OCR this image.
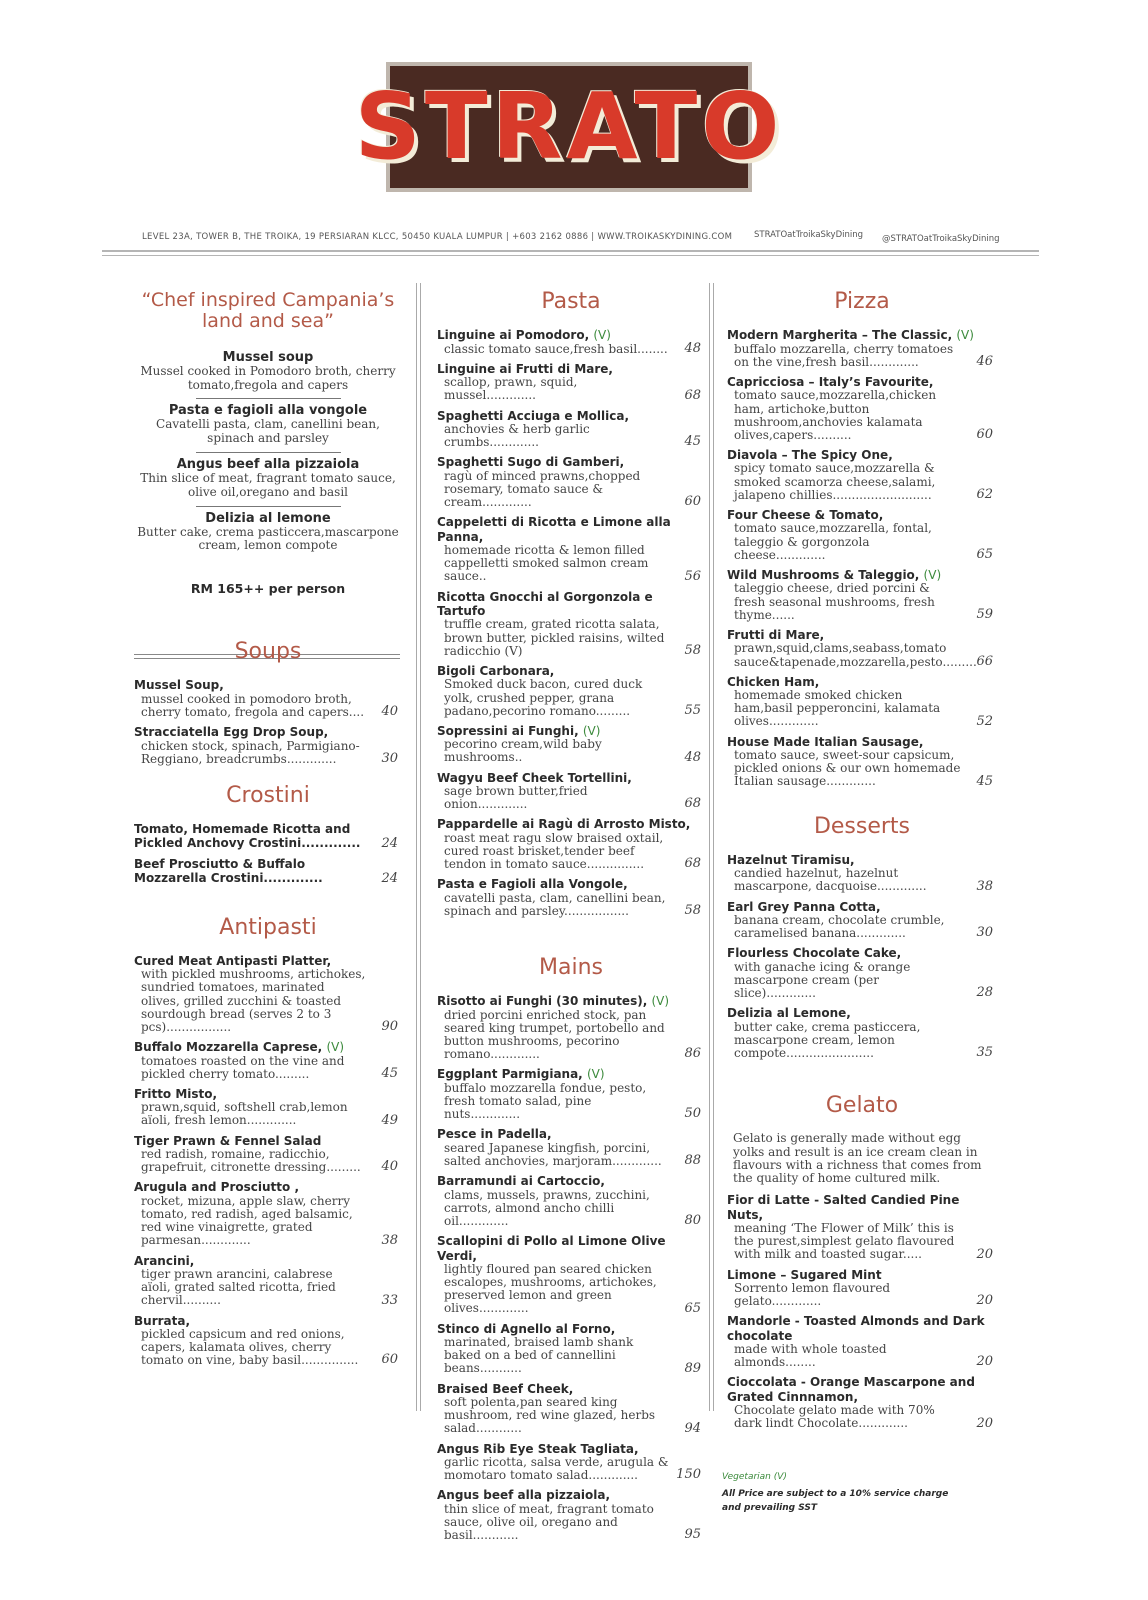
STRATO
LEVEL 23A, TOWER B, THE TROIKA, 19 PERSIARAN KLCC, 50450 KUALA LUMPUR | +603 2162 0886 | WWW.TROIKASKYDINING.COM	STRATOatTroikaSkyDining @STRATOatTroikaSkyDining
“Chef inspired Campania’s land and sea”
Mussel soup
Mussel cooked in Pomodoro broth, cherry tomato,fregola and capers
Pasta e fagioli alla vongole
Cavatelli pasta, clam, canellini bean, spinach and parsley
Angus beef alla pizzaiola
Thin slice of meat, fragrant tomato sauce, olive oil,oregano and basil
Delizia al lemone
Butter cake, crema pasticcera,mascarpone cream, lemon compote
RM 165++ per person
Soups
Mussel Soup,
mussel cooked in pomodoro broth, cherry tomato, fregola and capers....	40
Stracciatella Egg Drop Soup,
chicken stock, spinach, Parmigiano-Reggiano, breadcrumbs.............	30
Crostini
Tomato, Homemade Ricotta and Pickled Anchovy Crostini.............	24
Beef Prosciutto & Buffalo Mozzarella Crostini.............	24
Antipasti
Cured Meat Antipasti Platter,
with pickled mushrooms, artichokes, sundried tomatoes, marinated olives, grilled zucchini & toasted sourdough bread (serves 2 to 3 pcs).................	90
Buffalo Mozzarella Caprese, (V)
tomatoes roasted on the vine and pickled cherry tomato.........	45
Fritto Misto,
prawn,squid, softshell crab,lemon aïoli, fresh lemon.............	49
Tiger Prawn & Fennel Salad
red radish, romaine, radicchio, grapefruit, citronette dressing.........	40
Arugula and Prosciutto ,
rocket, mizuna, apple slaw, cherry tomato, red radish, aged balsamic, red wine vinaigrette, grated parmesan.............	38
Arancini,
tiger prawn arancini, calabrese aïoli, grated salted ricotta, fried chervil..........	33
Burrata,
pickled capsicum and red onions, capers, kalamata olives, cherry tomato on vine, baby basil...............	60
Pasta
Linguine ai Pomodoro, (V)
classic tomato sauce,fresh basil........	48
Linguine ai Frutti di Mare,
scallop, prawn, squid, mussel.............	68
Spaghetti Acciuga e Mollica,
anchovies & herb garlic crumbs.............	45
Spaghetti Sugo di Gamberi,
ragù of minced prawns,chopped rosemary, tomato sauce & cream.............	60
Cappeletti di Ricotta e Limone alla Panna,
homemade ricotta & lemon filled cappelletti smoked salmon cream sauce..	56
Ricotta Gnocchi al Gorgonzola e Tartufo
truffle cream, grated ricotta salata, brown butter, pickled raisins, wilted radicchio (V)	58
Bigoli Carbonara,
Smoked duck bacon, cured duck yolk, crushed pepper, grana padano,pecorino romano.........	55
Sopressini ai Funghi, (V)
pecorino cream,wild baby mushrooms..	48
Wagyu Beef Cheek Tortellini,
sage brown butter,fried onion.............	68
Pappardelle ai Ragù di Arrosto Misto,
roast meat ragu slow braised oxtail, cured roast brisket,tender beef tendon in tomato sauce...............	68
Pasta e Fagioli alla Vongole,
cavatelli pasta, clam, canellini bean, spinach and parsley.................	58
Mains
Risotto ai Funghi (30 minutes), (V)
dried porcini enriched stock, pan seared king trumpet, portobello and button mushrooms, pecorino romano.............	86
Eggplant Parmigiana, (V)
buffalo mozzarella fondue, pesto, fresh tomato salad, pine nuts.............	50
Pesce in Padella,
seared Japanese kingfish, porcini, salted anchovies, marjoram.............	88
Barramundi ai Cartoccio,
clams, mussels, prawns, zucchini, carrots, almond ancho chilli oil.............	80
Scallopini di Pollo al Limone Olive Verdi,
lightly floured pan seared chicken escalopes, mushrooms, artichokes, preserved lemon and green olives.............	65
Stinco di Agnello al Forno,
marinated, braised lamb shank baked on a bed of cannellini beans...........	89
Braised Beef Cheek,
soft polenta,pan seared king mushroom, red wine glazed, herbs salad............	94
Angus Rib Eye Steak Tagliata,
garlic ricotta, salsa verde, arugula & momotaro tomato salad.............	150
Angus beef alla pizzaiola,
thin slice of meat, fragrant tomato sauce, olive oil, oregano and basil............	95
Pizza
Modern Margherita – The Classic, (V)
buffalo mozzarella, cherry tomatoes on the vine,fresh basil.............	46
Capricciosa – Italy’s Favourite,
tomato sauce,mozzarella,chicken ham, artichoke,button mushroom,anchovies kalamata olives,capers..........	60
Diavola – The Spicy One,
spicy tomato sauce,mozzarella & smoked scamorza cheese,salami, jalapeno chillies..........................	62
Four Cheese & Tomato,
tomato sauce,mozzarella, fontal, taleggio & gorgonzola cheese.............	65
Wild Mushrooms & Taleggio, (V)
taleggio cheese, dried porcini & fresh seasonal mushrooms, fresh thyme......	59
Frutti di Mare,
prawn,squid,clams,seabass,tomato sauce&tapenade,mozzarella,pesto......... 66
Chicken Ham,
homemade smoked chicken ham,basil pepperoncini, kalamata olives.............	52
House Made Italian Sausage,
tomato sauce, sweet-sour capsicum, pickled onions & our own homemade Italian sausage.............	45
Desserts
Hazelnut Tiramisu,
candied hazelnut, hazelnut mascarpone, dacquoise.............	38
Earl Grey Panna Cotta,
banana cream, chocolate crumble, caramelised banana.............	30
Flourless Chocolate Cake,
with ganache icing & orange mascarpone cream (per slice).............	28
Delizia al Lemone,
butter cake, crema pasticcera, mascarpone cream, lemon compote.......................	35
Gelato
Gelato is generally made without egg yolks and result is an ice cream clean in flavours with a richness that comes from the quality of home cultured milk.
Fior di Latte - Salted Candied Pine Nuts,
meaning ‘The Flower of Milk’ this is the purest,simplest gelato flavoured with milk and toasted sugar.....	20
Limone – Sugared Mint
Sorrento lemon flavoured gelato.............	20
Mandorle - Toasted Almonds and Dark chocolate
made with whole toasted almonds........	20
Cioccolata - Orange Mascarpone and Grated Cinnnamon,
Chocolate gelato made with 70% dark lindt Chocolate.............	20
Vegetarian (V)
All Price are subject to a 10% service charge and prevailing SST
